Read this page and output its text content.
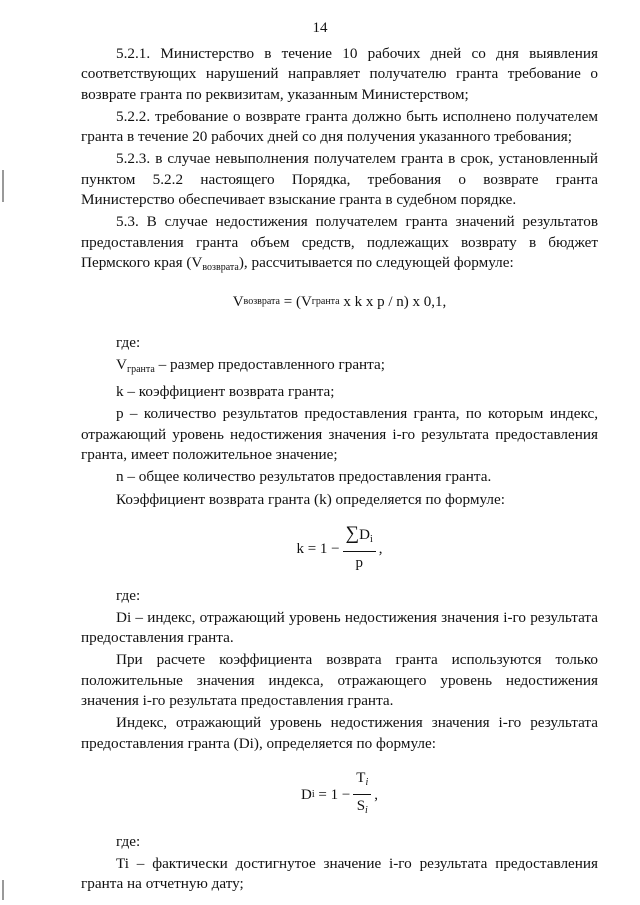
14

5.2.1. Министерство в течение 10 рабочих дней со дня выявления соответствующих нарушений направляет получателю гранта требование о возврате гранта по реквизитам, указанным Министерством;

5.2.2. требование о возврате гранта должно быть исполнено получателем гранта в течение 20 рабочих дней со дня получения указанного требования;

5.2.3. в случае невыполнения получателем гранта в срок, установленный пунктом 5.2.2 настоящего Порядка, требования о возврате гранта Министерство обеспечивает взыскание гранта в судебном порядке.

5.3. В случае недостижения получателем гранта значений результатов предоставления гранта объем средств, подлежащих возврату в бюджет Пермского края $(V_{возврата})$, рассчитывается по следующей формуле:

V возврата = (V гранта x k x p / n) x 0,1,

где:

$V_{гранта}$ – размер предоставленного гранта;

k – коэффициент возврата гранта;

p – количество результатов предоставления гранта, по которым индекс, отражающий уровень недостижения значения i-го результата предоставления гранта, имеет положительное значение;

n – общее количество результатов предоставления гранта.

Коэффициент возврата гранта (k) определяется по формуле:

$k = 1 - \frac{\sum D_i}{p}$ ,

где:

Di – индекс, отражающий уровень недостижения значения i-го результата предоставления гранта.

При расчете коэффициента возврата гранта используются только положительные значения индекса, отражающего уровень недостижения значения i-го результата предоставления гранта.

Индекс, отражающий уровень недостижения значения i-го результата предоставления гранта (Di), определяется по формуле:

D $i = 1 - \frac{T_i}{S_i}$ ,

где:

Ti – фактически достигнутое значение i-го результата предоставления гранта на отчетную дату;
